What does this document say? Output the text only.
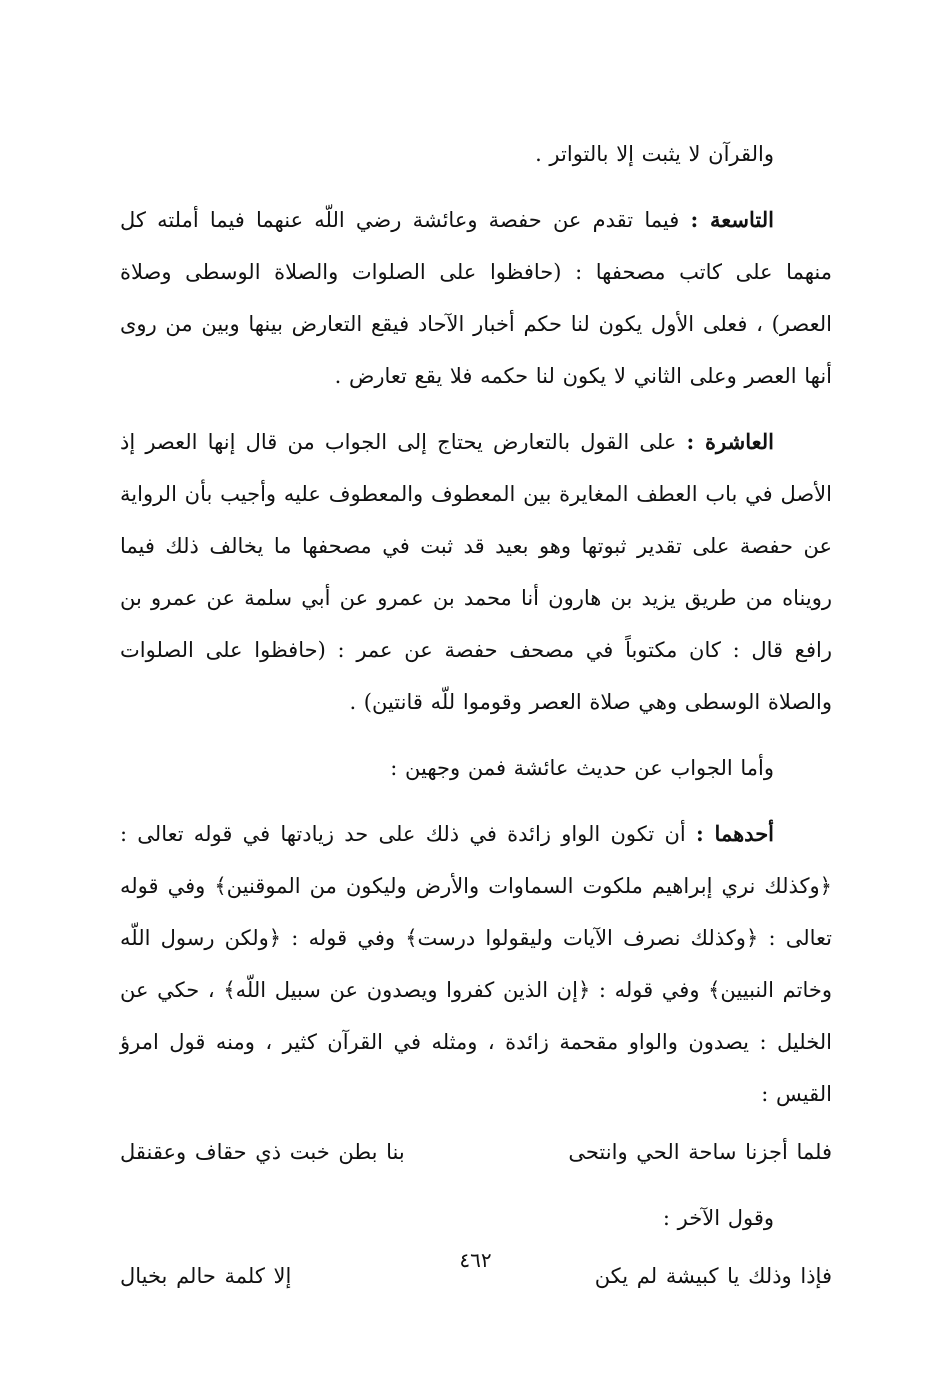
والقرآن لا يثبت إلا بالتواتر .

التاسعة : فيما تقدم عن حفصة وعائشة رضي اللّه عنهما فيما أملته كل منهما على كاتب مصحفها : (حافظوا على الصلوات والصلاة الوسطى وصلاة العصر) ، فعلى الأول يكون لنا حكم أخبار الآحاد فيقع التعارض بينها وبين من روى أنها العصر وعلى الثاني لا يكون لنا حكمه فلا يقع تعارض .

العاشرة : على القول بالتعارض يحتاج إلى الجواب من قال إنها العصر إذ الأصل في باب العطف المغايرة بين المعطوف والمعطوف عليه وأجيب بأن الرواية عن حفصة على تقدير ثبوتها وهو بعيد قد ثبت في مصحفها ما يخالف ذلك فيما رويناه من طريق يزيد بن هارون أنا محمد بن عمرو عن أبي سلمة عن عمرو بن رافع قال : كان مكتوباً في مصحف حفصة عن عمر : (حافظوا على الصلوات والصلاة الوسطى وهي صلاة العصر وقوموا للّه قانتين) .

وأما الجواب عن حديث عائشة فمن وجهين :

أحدهما : أن تكون الواو زائدة في ذلك على حد زيادتها في قوله تعالى : ﴿وكذلك نري إبراهيم ملكوت السماوات والأرض وليكون من الموقنين﴾ وفي قوله تعالى : ﴿وكذلك نصرف الآيات وليقولوا درست﴾ وفي قوله : ﴿ولكن رسول اللّه وخاتم النبيين﴾ وفي قوله : ﴿إن الذين كفروا ويصدون عن سبيل اللّه﴾ ، حكي عن الخليل : يصدون والواو مقحمة زائدة ، ومثله في القرآن كثير ، ومنه قول امرؤ القيس :

فلما أجزنا ساحة الحي وانتحى
بنا بطن خبت ذي حقاف وعقنقل

وقول الآخر :

فإذا وذلك يا كبيشة لم يكن
إلا كلمة حالم بخيال
٤٦٢
